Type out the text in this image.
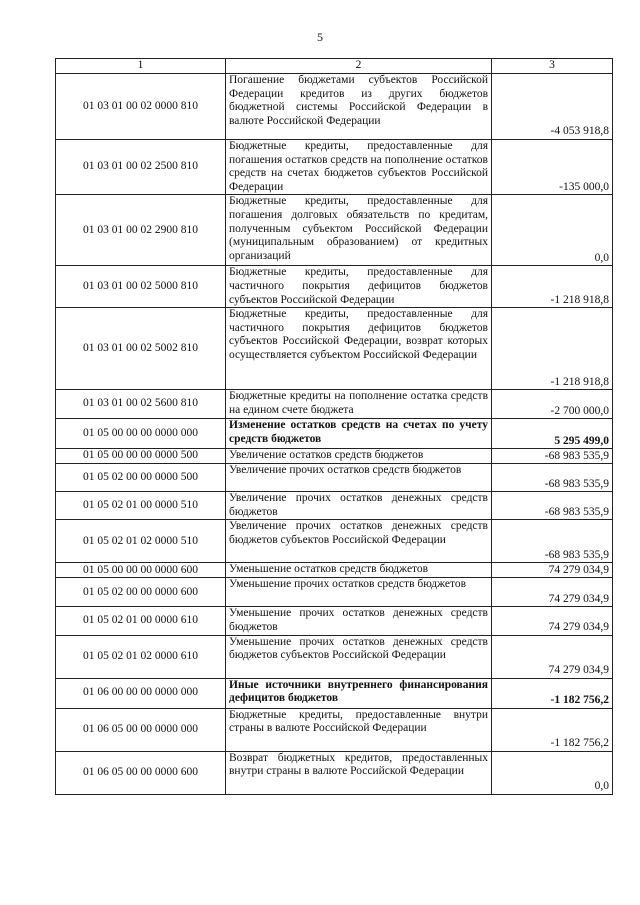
5
1	2	3
01 03 01 00 02 0000 810	Погашение бюджетами субъектов Российской Федерации кредитов из других бюджетов бюджетной системы Российской Федерации в валюте Российской Федерации	-4 053 918,8
01 03 01 00 02 2500 810	Бюджетные кредиты, предоставленные для погашения остатков средств на пополнение остатков средств на счетах бюджетов субъектов Российской Федерации	-135 000,0
01 03 01 00 02 2900 810	Бюджетные кредиты, предоставленные для погашения долговых обязательств по кредитам, полученным субъектом Российской Федерации (муниципальным образованием) от кредитных организаций	0,0
01 03 01 00 02 5000 810	Бюджетные кредиты, предоставленные для частичного покрытия дефицитов бюджетов субъектов Российской Федерации	-1 218 918,8
01 03 01 00 02 5002 810	Бюджетные кредиты, предоставленные для частичного покрытия дефицитов бюджетов субъектов Российской Федерации, возврат которых осуществляется субъектом Российской Федерации	-1 218 918,8
01 03 01 00 02 5600 810	Бюджетные кредиты на пополнение остатка средств на едином счете бюджета	-2 700 000,0
01 05 00 00 00 0000 000	Изменение остатков средств на счетах по учету средств бюджетов	5 295 499,0
01 05 00 00 00 0000 500	Увеличение остатков средств бюджетов	-68 983 535,9
01 05 02 00 00 0000 500	Увеличение прочих остатков средств бюджетов	-68 983 535,9
01 05 02 01 00 0000 510	Увеличение прочих остатков денежных средств бюджетов	-68 983 535,9
01 05 02 01 02 0000 510	Увеличение прочих остатков денежных средств бюджетов субъектов Российской Федерации	-68 983 535,9
01 05 00 00 00 0000 600	Уменьшение остатков средств бюджетов	74 279 034,9
01 05 02 00 00 0000 600	Уменьшение прочих остатков средств бюджетов	74 279 034,9
01 05 02 01 00 0000 610	Уменьшение прочих остатков денежных средств бюджетов	74 279 034,9
01 05 02 01 02 0000 610	Уменьшение прочих остатков денежных средств бюджетов субъектов Российской Федерации	74 279 034,9
01 06 00 00 00 0000 000	Иные источники внутреннего финансирования дефицитов бюджетов	-1 182 756,2
01 06 05 00 00 0000 000	Бюджетные кредиты, предоставленные внутри страны в валюте Российской Федерации	-1 182 756,2
01 06 05 00 00 0000 600	Возврат бюджетных кредитов, предоставленных внутри страны в валюте Российской Федерации	0,0
